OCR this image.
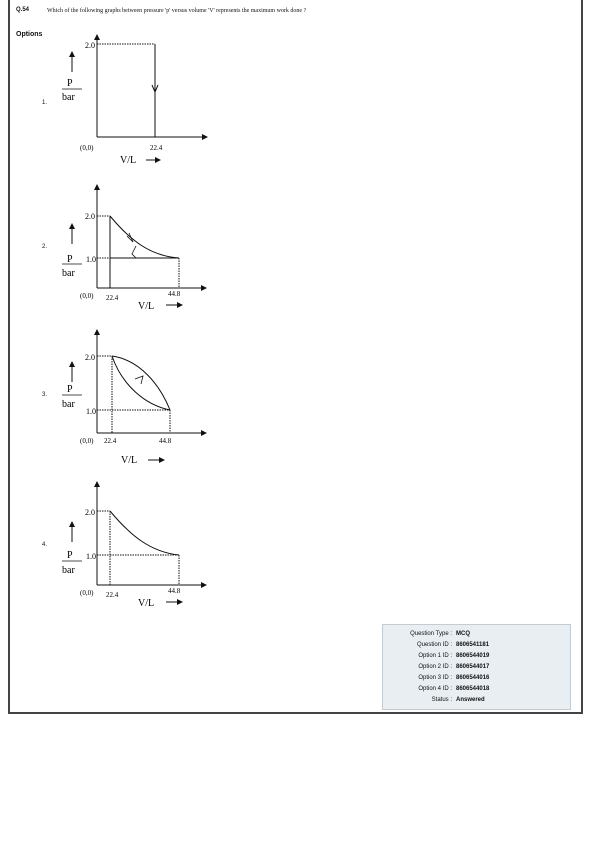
Q.54	Which of the following graphs between pressure 'p' versus volume 'V' represents the maximum work done ?
Options
1.
2.
3.
4.
2.0
P
bar
(0,0)	22.4
V/L
2.0
1.0
P
bar
(0,0) 22.4	44.8
V/L
2.0
1.0
P
bar
(0,0) 22.4	44.8
V/L
2.0
1.0
P
bar
(0,0) 22.4	44.8
V/L
Question Type : MCQ
Question ID : 8606541181
Option 1 ID : 8606544019
Option 2 ID : 8606544017
Option 3 ID : 8606544016
Option 4 ID : 8606544018
Status : Answered
